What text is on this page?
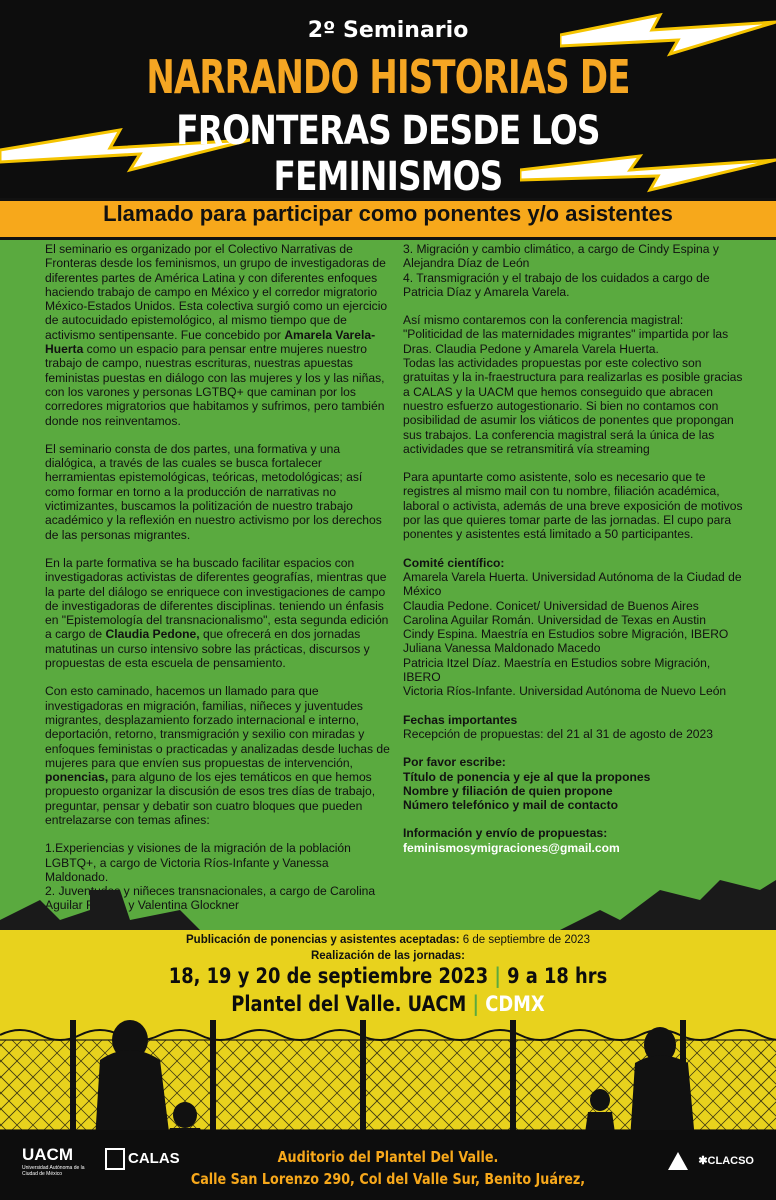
2º Seminario
NARRANDO HISTORIAS DE
FRONTERAS DESDE LOS FEMINISMOS
Llamado para participar como ponentes y/o asistentes

El seminario es organizado por el Colectivo Narrativas de Fronteras desde los feminismos, un grupo de investigadoras de diferentes partes de América Latina y con diferentes enfoques haciendo trabajo de campo en México y el corredor migratorio México-Estados Unidos. Esta colectiva surgió como un ejercicio de autocuidado epistemológico, al mismo tiempo que de activismo sentipensante. Fue concebido por Amarela Varela-Huerta como un espacio para pensar entre mujeres nuestro trabajo de campo, nuestras escrituras, nuestras apuestas feministas puestas en diálogo con las mujeres y los y las niñas, con los varones y personas LGTBQ+ que caminan por los corredores migratorios que habitamos y sufrimos, pero también donde nos reinventamos.

El seminario consta de dos partes, una formativa y una dialógica, a través de las cuales se busca fortalecer herramientas epistemológicas, teóricas, metodológicas; así como formar en torno a la producción de narrativas no victimizantes, buscamos la politización de nuestro trabajo académico y la reflexión en nuestro activismo por los derechos de las personas migrantes.

En la parte formativa se ha buscado facilitar espacios con investigadoras activistas de diferentes geografías, mientras que la parte del diálogo se enriquece con investigaciones de campo de investigadoras de diferentes disciplinas. teniendo un énfasis en "Epistemología del transnacionalismo", esta segunda edición a cargo de Claudia Pedone, que ofrecerá en dos jornadas matutinas un curso intensivo sobre las prácticas, discursos y propuestas de esta escuela de pensamiento.

Con esto caminado, hacemos un llamado para que investigadoras en migración, familias, niñeces y juventudes migrantes, desplazamiento forzado internacional e interno, deportación, retorno, transmigración y sexilio con miradas y enfoques feministas o practicadas y analizadas desde luchas de mujeres para que envíen sus propuestas de intervención, ponencias, para alguno de los ejes temáticos en que hemos propuesto organizar la discusión de esos tres días de trabajo, preguntar, pensar y debatir son cuatro bloques que pueden entrelazarse con temas afines:

1.Experiencias y visiones de la migración de la población LGBTQ+, a cargo de Victoria Ríos-Infante y Vanessa Maldonado.

2. Juventudes y niñeces transnacionales, a cargo de Carolina Aguilar Román y Valentina Glockner

3. Migración y cambio climático, a cargo de Cindy Espina y Alejandra Díaz de León

4. Transmigración y el trabajo de los cuidados a cargo de Patricia Díaz y Amarela Varela.

Así mismo contaremos con la conferencia magistral: "Politicidad de las maternidades migrantes" impartida por las Dras. Claudia Pedone y Amarela Varela Huerta.

Todas las actividades propuestas por este colectivo son gratuitas y la in-fraestructura para realizarlas es posible gracias a CALAS y la UACM que hemos conseguido que abracen nuestro esfuerzo autogestionario. Si bien no contamos con posibilidad de asumir los viáticos de ponentes que propongan sus trabajos. La conferencia magistral será la única de las actividades que se retransmitirá vía streaming

Para apuntarte como asistente, solo es necesario que te registres al mismo mail con tu nombre, filiación académica, laboral o activista, además de una breve exposición de motivos por las que quieres tomar parte de las jornadas. El cupo para ponentes y asistentes está limitado a 50 participantes.

Comité científico:
Amarela Varela Huerta. Universidad Autónoma de la Ciudad de México
Claudia Pedone. Conicet/ Universidad de Buenos Aires
Carolina Aguilar Román. Universidad de Texas en Austin
Cindy Espina. Maestría en Estudios sobre Migración, IBERO
Juliana Vanessa Maldonado Macedo
Patricia Itzel Díaz. Maestría en Estudios sobre Migración, IBERO
Victoria Ríos-Infante. Universidad Autónoma de Nuevo León

Fechas importantes
Recepción de propuestas: del 21 al 31 de agosto de 2023

Por favor escribe:
Título de ponencia y eje al que la propones
Nombre y filiación de quien propone
Número telefónico y mail de contacto

Información y envío de propuestas:
feminismosymigraciones@gmail.com

Publicación de ponencias y asistentes aceptadas: 6 de septiembre de 2023
Realización de las jornadas:
18, 19 y 20 de septiembre 2023 | 9 a 18 hrs
Plantel del Valle. UACM | CDMX
UACM
Universidad Autónoma de la Ciudad de México
CALAS	Auditorio del Plantel Del Valle.
Calle San Lorenzo 290, Col del Valle Sur, Benito Juárez,
✱CLACSO
